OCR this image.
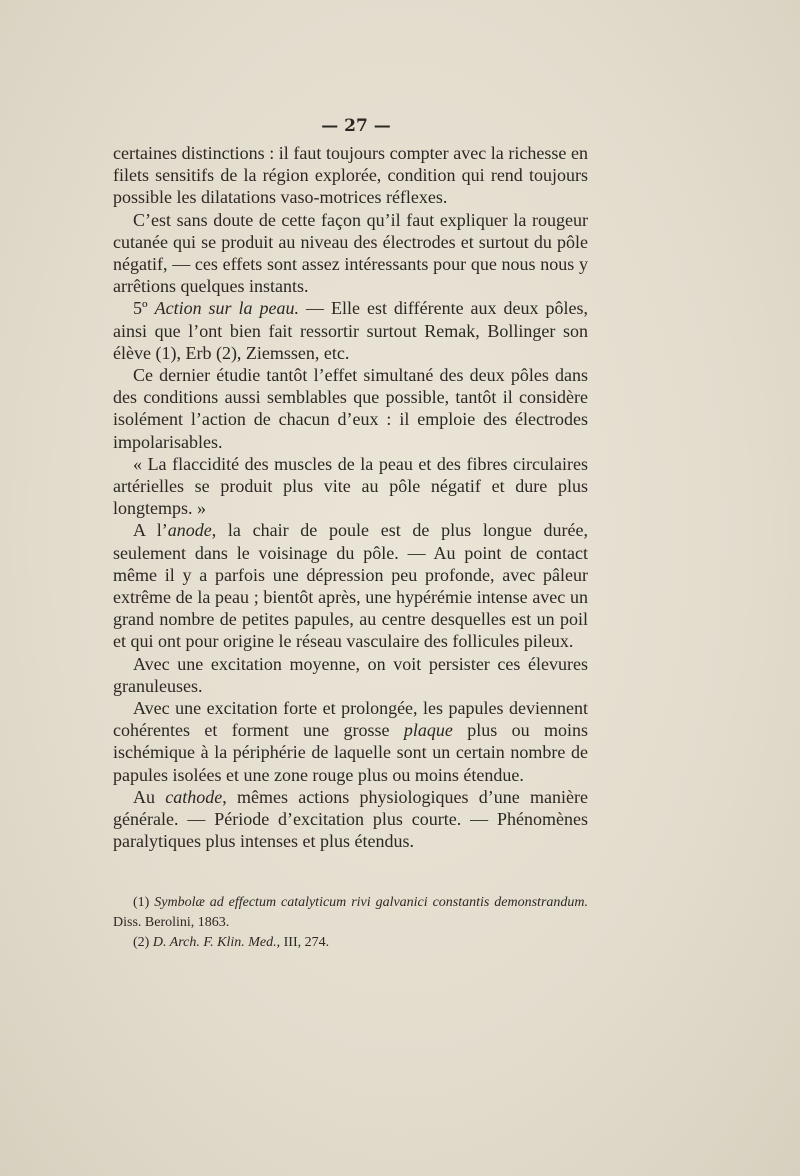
— 27 —

certaines distinctions : il faut toujours compter avec la richesse en filets sensitifs de la région explorée, condition qui rend toujours possible les dilatations vaso-motrices réflexes.

C’est sans doute de cette façon qu’il faut expliquer la rougeur cutanée qui se produit au niveau des électrodes et surtout du pôle négatif, — ces effets sont assez intéressants pour que nous nous y arrêtions quelques instants.

5º Action sur la peau. — Elle est différente aux deux pôles, ainsi que l’ont bien fait ressortir surtout Remak, Bollinger son élève (1), Erb (2), Ziemssen, etc.

Ce dernier étudie tantôt l’effet simultané des deux pôles dans des conditions aussi semblables que possible, tantôt il considère isolément l’action de chacun d’eux : il emploie des électrodes impolarisables.

« La flaccidité des muscles de la peau et des fibres circulaires artérielles se produit plus vite au pôle négatif et dure plus longtemps. »

A l’anode, la chair de poule est de plus longue durée, seulement dans le voisinage du pôle. — Au point de contact même il y a parfois une dépression peu profonde, avec pâleur extrême de la peau ; bientôt après, une hypérémie intense avec un grand nombre de petites papules, au centre desquelles est un poil et qui ont pour origine le réseau vasculaire des follicules pileux.

Avec une excitation moyenne, on voit persister ces élevures granuleuses.

Avec une excitation forte et prolongée, les papules deviennent cohérentes et forment une grosse plaque plus ou moins ischémique à la périphérie de laquelle sont un certain nombre de papules isolées et une zone rouge plus ou moins étendue.

Au cathode, mêmes actions physiologiques d’une manière générale. — Période d’excitation plus courte. — Phénomènes paralytiques plus intenses et plus étendus.

(1) Symbolæ ad effectum catalyticum rivi galvanici constantis demonstrandum. Diss. Berolini, 1863.

(2) D. Arch. F. Klin. Med., III, 274.
